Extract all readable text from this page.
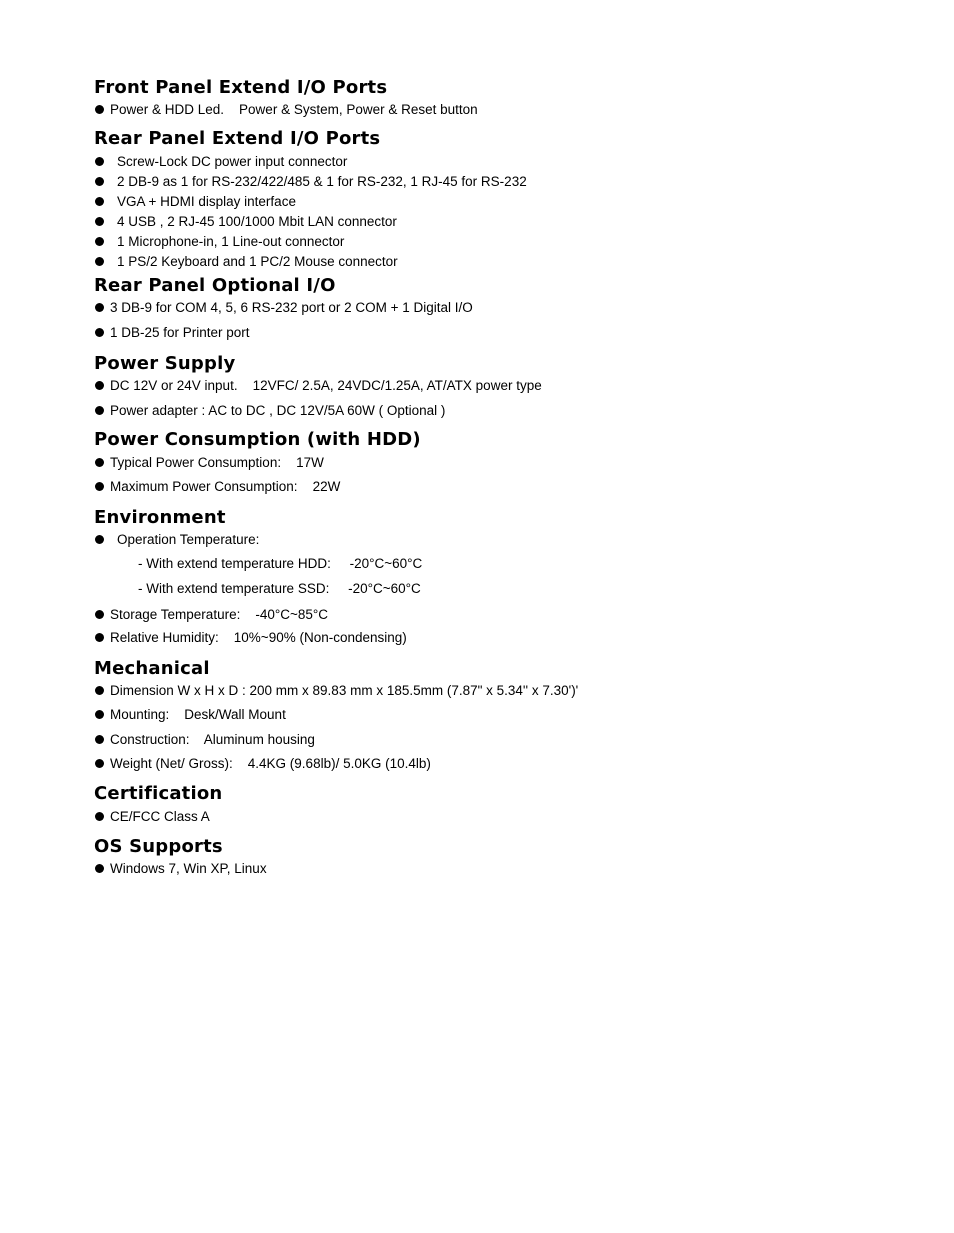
Front Panel Extend I/O Ports
Power & HDD Led.    Power & System, Power & Reset button
Rear Panel Extend I/O Ports
Screw-Lock DC power input connector
2 DB-9 as 1 for RS-232/422/485 & 1 for RS-232, 1 RJ-45 for RS-232
VGA + HDMI display interface
4 USB , 2 RJ-45 100/1000 Mbit LAN connector
1 Microphone-in, 1 Line-out connector
1 PS/2 Keyboard and 1 PC/2 Mouse connector
Rear Panel Optional I/O
3 DB-9 for COM 4, 5, 6 RS-232 port or 2 COM + 1 Digital I/O
1 DB-25 for Printer port
Power Supply
DC 12V or 24V input.    12VFC/ 2.5A, 24VDC/1.25A, AT/ATX power type
Power adapter : AC to DC , DC 12V/5A 60W ( Optional )
Power Consumption (with HDD)
Typical Power Consumption:    17W
Maximum Power Consumption:    22W
Environment
Operation Temperature:
- With extend temperature HDD:     -20°C~60°C
- With extend temperature SSD:     -20°C~60°C
Storage Temperature:    -40°C~85°C
Relative Humidity:    10%~90% (Non-condensing)
Mechanical
Dimension W x H x D : 200 mm x 89.83 mm x 185.5mm (7.87" x 5.34'' x 7.30')'
Mounting:    Desk/Wall Mount
Construction:    Aluminum housing
Weight (Net/ Gross):    4.4KG (9.68lb)/ 5.0KG (10.4lb)
Certification
CE/FCC Class A
OS Supports
Windows 7, Win XP, Linux
